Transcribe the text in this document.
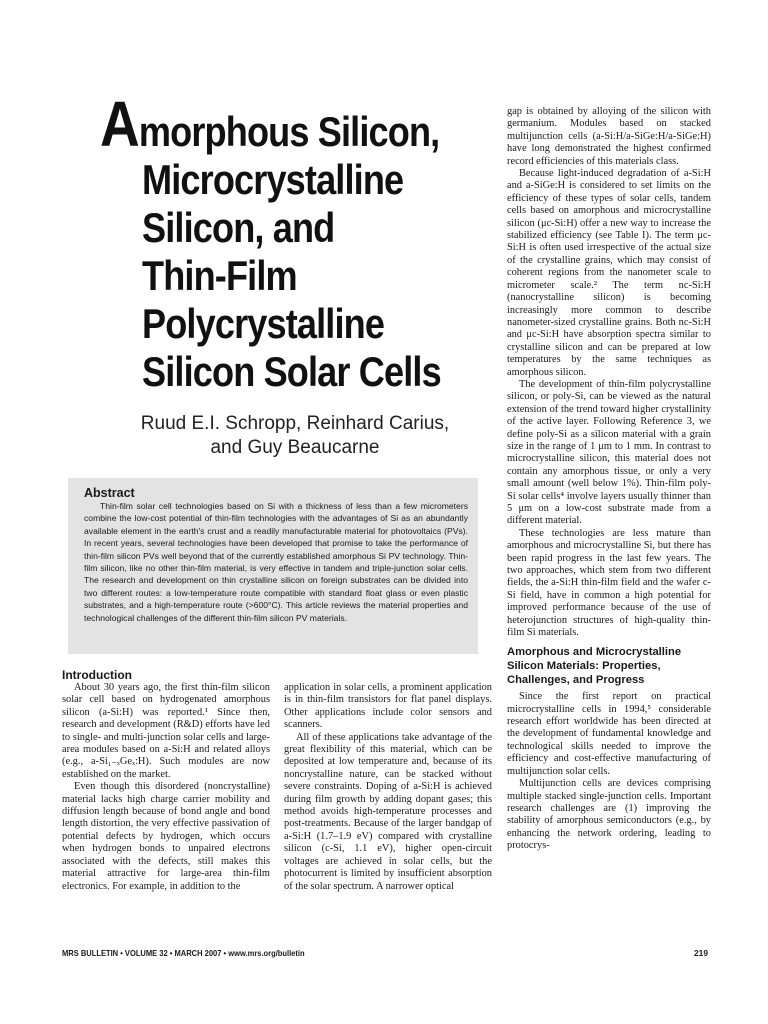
Amorphous Silicon,
Microcrystalline
Silicon, and
Thin-Film
Polycrystalline
Silicon Solar Cells
Ruud E.I. Schropp, Reinhard Carius,
and Guy Beaucarne
Abstract
Thin-film solar cell technologies based on Si with a thickness of less than a few micrometers combine the low-cost potential of thin-film technologies with the advantages of Si as an abundantly available element in the earth's crust and a readily manufacturable material for photovoltaics (PVs). In recent years, several technologies have been developed that promise to take the performance of thin-film silicon PVs well beyond that of the currently established amorphous Si PV technology. Thin-film silicon, like no other thin-film material, is very effective in tandem and triple-junction solar cells. The research and development on thin crystalline silicon on foreign substrates can be divided into two different routes: a low-temperature route compatible with standard float glass or even plastic substrates, and a high-temperature route (>600°C). This article reviews the material properties and technological challenges of the different thin-film silicon PV materials.
Introduction

About 30 years ago, the first thin-film silicon solar cell based on hydrogenated amorphous silicon (a-Si:H) was reported.¹ Since then, research and development (R&D) efforts have led to single- and multi-junction solar cells and large-area modules based on a-Si:H and related alloys (e.g., a-Si₁₋ₓGeₓ:H). Such modules are now established on the market.

Even though this disordered (noncrystalline) material lacks high charge carrier mobility and diffusion length because of bond angle and bond length distortion, the very effective passivation of potential defects by hydrogen, which occurs when hydrogen bonds to unpaired electrons associated with the defects, still makes this material attractive for large-area thin-film electronics. For example, in addition to the

application in solar cells, a prominent application is in thin-film transistors for flat panel displays. Other applications include color sensors and scanners.

All of these applications take advantage of the great flexibility of this material, which can be deposited at low temperature and, because of its noncrystalline nature, can be stacked without severe constraints. Doping of a-Si:H is achieved during film growth by adding dopant gases; this method avoids high-temperature processes and post-treatments. Because of the larger bandgap of a-Si:H (1.7–1.9 eV) compared with crystalline silicon (c-Si, 1.1 eV), higher open-circuit voltages are achieved in solar cells, but the photocurrent is limited by insufficient absorption of the solar spectrum. A narrower optical

gap is obtained by alloying of the silicon with germanium. Modules based on stacked multijunction cells (a-Si:H/a-SiGe:H/a-SiGe:H) have long demonstrated the highest confirmed record efficiencies of this materials class.

Because light-induced degradation of a-Si:H and a-SiGe:H is considered to set limits on the efficiency of these types of solar cells, tandem cells based on amorphous and microcrystalline silicon (μc-Si:H) offer a new way to increase the stabilized efficiency (see Table I). The term μc-Si:H is often used irrespective of the actual size of the crystalline grains, which may consist of coherent regions from the nanometer scale to micrometer scale.² The term nc-Si:H (nanocrystalline silicon) is becoming increasingly more common to describe nanometer-sized crystalline grains. Both nc-Si:H and μc-Si:H have absorption spectra similar to crystalline silicon and can be prepared at low temperatures by the same techniques as amorphous silicon.

The development of thin-film polycrystalline silicon, or poly-Si, can be viewed as the natural extension of the trend toward higher crystallinity of the active layer. Following Reference 3, we define poly-Si as a silicon material with a grain size in the range of 1 μm to 1 mm. In contrast to microcrystalline silicon, this material does not contain any amorphous tissue, or only a very small amount (well below 1%). Thin-film poly-Si solar cells⁴ involve layers usually thinner than 5 μm on a low-cost substrate made from a different material.

These technologies are less mature than amorphous and microcrystalline Si, but there has been rapid progress in the last few years. The two approaches, which stem from two different fields, the a-Si:H thin-film field and the wafer c-Si field, have in common a high potential for improved performance because of the use of heterojunction structures of high-quality thin-film Si materials.

Amorphous and Microcrystalline Silicon Materials: Properties, Challenges, and Progress

Since the first report on practical microcrystalline cells in 1994,⁵ considerable research effort worldwide has been directed at the development of fundamental knowledge and technological skills needed to improve the efficiency and cost-effective manufacturing of multijunction solar cells.

Multijunction cells are devices comprising multiple stacked single-junction cells. Important research challenges are (1) improving the stability of amorphous semiconductors (e.g., by enhancing the network ordering, leading to protocrys-

MRS BULLETIN • VOLUME 32 • MARCH 2007 • www.mrs.org/bulletin	219
